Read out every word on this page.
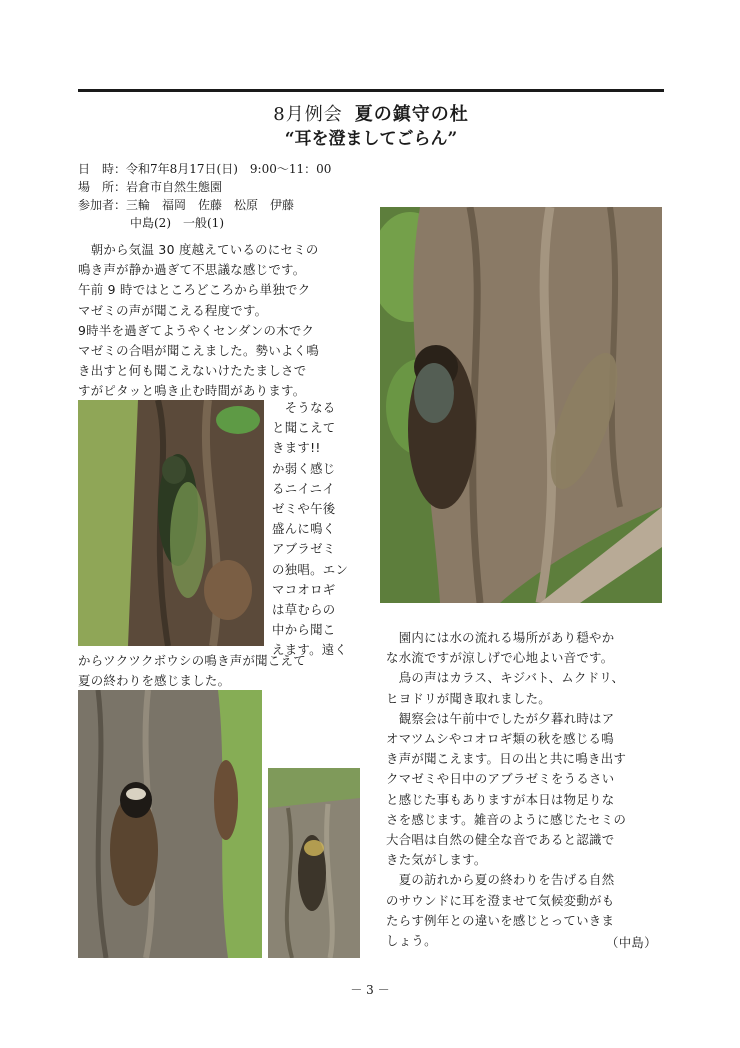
8月例会 夏の鎮守の杜
“耳を澄ましてごらん”
日　時：令和7年8月17日(日)　9:00～11：00
場　所：岩倉市自然生態園
参加者：三輪　福岡　佐藤　松原　伊藤
中島(2)　一般(1)
　朝から気温 30 度越えているのにセミの
鳴き声が静か過ぎて不思議な感じです。
午前 9 時ではところどころから単独でク
マゼミの声が聞こえる程度です。
9時半を過ぎてようやくセンダンの木でク
マゼミの合唱が聞こえました。勢いよく鳴
き出すと何も聞こえないけたたましさで
すがピタッと鳴き止む時間があります。
　そうなる
と聞こえて
きます!!
か弱く感じ
るニイニイ
ゼミや午後
盛んに鳴く
アブラゼミ
の独唱。エン
マコオロギ
は草むらの
中から聞こ
えます。遠く
からツクツクボウシの鳴き声が聞こえて
夏の終わりを感じました。
　園内には水の流れる場所があり穏やか
な水流ですが涼しげで心地よい音です。
　鳥の声はカラス、キジバト、ムクドリ、
ヒヨドリが聞き取れました。
　観察会は午前中でしたが夕暮れ時はア
オマツムシやコオロギ類の秋を感じる鳴
き声が聞こえます。日の出と共に鳴き出す
クマゼミや日中のアブラゼミをうるさい
と感じた事もありますが本日は物足りな
さを感じます。雑音のように感じたセミの
大合唱は自然の健全な音であると認識で
きた気がします。
　夏の訪れから夏の終わりを告げる自然
のサウンドに耳を澄ませて気候変動がも
たらす例年との違いを感じとっていきま
しょう。	（中島）
－ 3 －
